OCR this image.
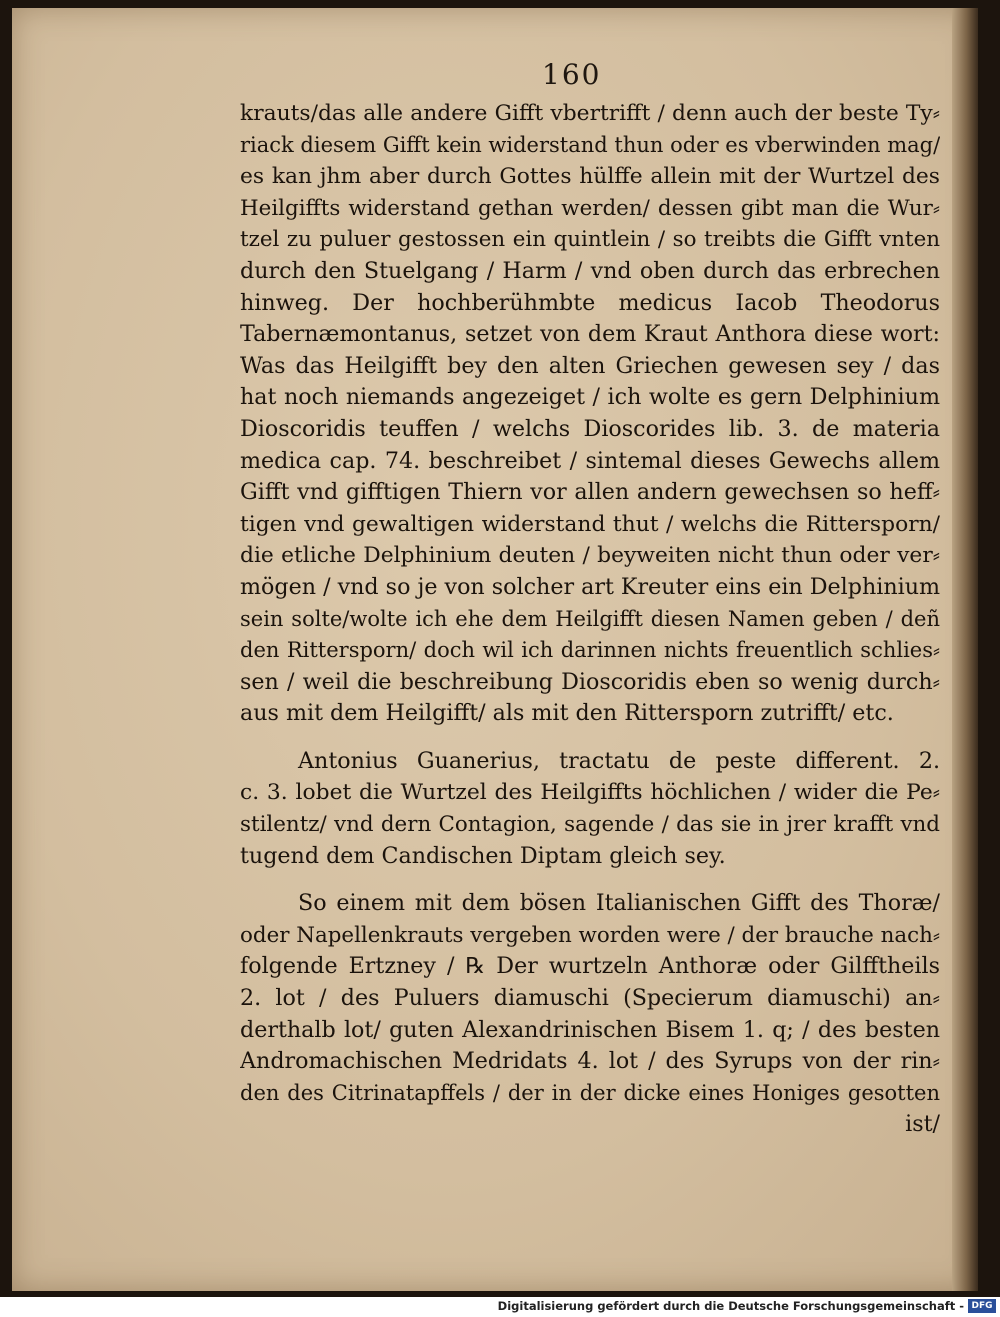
160
krauts/das alle andere Gifft vbertrifft / denn auch der beste Ty⸗
riack diesem Gifft kein widerstand thun oder es vberwinden mag/
es kan jhm aber durch Gottes hülffe allein mit der Wurtzel des
Heilgiffts widerstand gethan werden/ dessen gibt man die Wur⸗
tzel zu puluer gestossen ein quintlein / so treibts die Gifft vnten
durch den Stuelgang / Harm / vnd oben durch das erbrechen
hinweg. Der hochberühmbte medicus Iacob Theodorus
Tabernæmontanus, setzet von dem Kraut Anthora diese wort:
Was das Heilgifft bey den alten Griechen gewesen sey / das
hat noch niemands angezeiget / ich wolte es gern Delphinium
Dioscoridis teuffen / welchs Dioscorides lib. 3. de materia
medica cap. 74. beschreibet / sintemal dieses Gewechs allem
Gifft vnd gifftigen Thiern vor allen andern gewechsen so heff⸗
tigen vnd gewaltigen widerstand thut / welchs die Rittersporn/
die etliche Delphinium deuten / beyweiten nicht thun oder ver⸗
mögen / vnd so je von solcher art Kreuter eins ein Delphinium
sein solte/wolte ich ehe dem Heilgifft diesen Namen geben / deñ
den Rittersporn/ doch wil ich darinnen nichts freuentlich schlies⸗
sen / weil die beschreibung Dioscoridis eben so wenig durch⸗
aus mit dem Heilgifft/ als mit den Rittersporn zutrifft/ etc.
Antonius Guanerius, tractatu de peste different. 2.
c. 3. lobet die Wurtzel des Heilgiffts höchlichen / wider die Pe⸗
stilentz/ vnd dern Contagion, sagende / das sie in jrer krafft vnd
tugend dem Candischen Diptam gleich sey.
So einem mit dem bösen Italianischen Gifft des Thoræ/
oder Napellenkrauts vergeben worden were / der brauche nach⸗
folgende Ertzney / ℞ Der wurtzeln Anthoræ oder Gilfftheils
2. lot / des Puluers diamuschi (Specierum diamuschi) an⸗
derthalb lot/ guten Alexandrinischen Bisem 1. q; / des besten
Andromachischen Medridats 4. lot / des Syrups von der rin⸗
den des Citrinatapffels / der in der dicke eines Honiges gesotten
ist/
Digitalisierung gefördert durch die Deutsche Forschungsgemeinschaft - DFG
